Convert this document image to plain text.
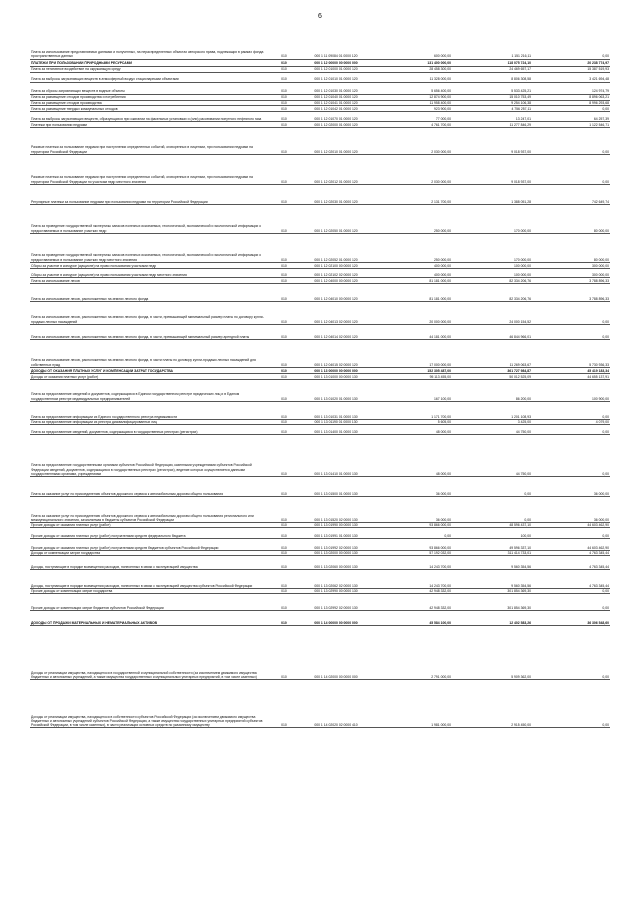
6
Плата за использование представляемых данными и полученных, на нераспределенных объектах авторского права, подлежащих в рамках фонда пространственных данных	010	000 1 11 09084 01 0000 120	600 000,00	1 151 216,11	0,00
ПЛАТЕЖИ ПРИ ПОЛЬЗОВАНИИ ПРИРОДНЫМИ РЕСУРСАМИ	010	000 1 12 00000 00 0000 000	131 400 000,00	118 075 724,10	20 238 774,97
Плата за негативное воздействие на окружающую среду	010	000 1 12 01000 01 0000 120	28 458 300,00	24 469 657,17	15 387 519,93
Плата за выбросы загрязняющих веществ в атмосферный воздух стационарными объектами	010	000 1 12 01010 01 0000 120	11 328 000,00	8 806 308,58	3 421 694,48
Плата за сбросы загрязняющих веществ в водные объекты	010	000 1 12 01030 01 0000 120	5 656 400,00	5 533 425,21	124 974,79
Плата за размещение отходов производства и потребления	010	000 1 12 01040 01 0000 120	12 874 900,00	15 010 753,49	8 896 063,21
Плата за размещение отходов производства	010	000 1 12 01041 01 0000 120	11 958 400,00	9 254 106,38	8 996 293,68
Плата за размещение твердых коммунальных отходов	010	000 1 12 01042 01 0000 120	923 900,00	4 756 257,11	0,00
Плата за выбросы загрязняющих веществ, образующихся при сжигании на факельных установках и (или) рассеивании попутного нефтяного газа	010	000 1 12 01070 01 0000 120	77 000,00	13 247,01	64 257,39
Платежи при пользовании недрами	010	000 1 12 02000 01 0000 120	4 761 700,00	11 277 846,29	1 122 546,71
Разовые платежи за пользование недрами при наступлении определенных событий, оговоренных в лицензии, при пользовании недрами на территории Российской Федерации	010	000 1 12 02010 01 0000 120	2 030 000,00	9 018 937,00	0,00
Разовые платежи за пользование недрами при наступлении определенных событий, оговоренных в лицензии, при пользовании недрами на территории Российской Федерации по участкам недр местного значения	010	000 1 12 02012 01 0000 120	2 030 000,00	9 018 937,00	0,00
Регулярные платежи за пользование недрами при пользовании недрами на территории Российской Федерации	010	000 1 12 02030 01 0000 120	2 131 700,00	1 388 051,28	742 649,74
Плата за проведение государственной экспертизы запасов полезных ископаемых, геологической, экономической и экологической информации о предоставляемых в пользование участках недр	010	000 1 12 02050 01 0000 120	250 000,00	170 000,00	80 000,00
Плата за проведение государственной экспертизы запасов полезных ископаемых, геологической, экономической и экологической информации о предоставляемых в пользование участках недр местного значения	010	000 1 12 02052 01 0000 120	250 000,00	170 000,00	80 000,00
Сборы за участие в конкурсе (аукционе) на право пользования участками недр	010	000 1 12 02100 00 0000 120	400 000,00	100 000,00	300 000,00
Сборы за участие в конкурсе (аукционе) на право пользования участками недр местного значения	010	000 1 12 02102 02 0000 120	400 000,00	100 000,00	300 000,00
Плата за использование лесов	010	000 1 12 04000 00 0000 120	81 181 000,00	82 334 206,76	3 788 896,33
Плата за использование лесов, расположенных на землях лесного фонда	010	000 1 12 04010 00 0000 120	81 181 000,00	82 334 206,76	3 788 896,33
Плата за использование лесов, расположенных на землях лесного фонда, в части, превышающей минимальный размер платы по договору купли-продажи лесных насаждений	010	000 1 12 04013 02 0000 120	20 000 000,00	24 000 154,52	0,00
Плата за использование лесов, расположенных на землях лесного фонда, в части, превышающей минимальный размер арендной платы	010	000 1 12 04014 02 0000 120	44 181 000,00	46 844 966,01	0,00
Плата за использование лесов, расположенных на землях лесного фонда, в части платы по договору купли-продажи лесных насаждений для собственных нужд	010	000 1 12 04015 02 0000 120	17 000 000,00	11 269 063,67	5 730 936,33
ДОХОДЫ ОТ ОКАЗАНИЯ ПЛАТНЫХ УСЛУГ И КОМПЕНСАЦИИ ЗАТРАТ ГОСУДАРСТВА	010	000 1 13 00000 00 0000 000	152 305 487,00	361 727 984,87	45 419 183,34
Доходы от оказания платных услуг (работ)	010	000 1 13 01000 00 0000 130	95 113 455,00	50 012 525,09	44 655 137,91
Плата за предоставление сведений и документов, содержащихся в Едином государственном реестре юридических лиц и в Едином государственном реестре индивидуальных предпринимателей	010	000 1 13 01020 01 0000 130	167 100,00	86 200,00	100 900,00
Плата за предоставление информации из Единого государственного реестра недвижимости	010	000 1 13 01031 01 0000 130	1 171 700,00	1 201 108,93	0,00
Плата за предоставление информации из реестра дисквалифицированных лиц	010	000 1 13 01190 01 0000 130	5 605,00	3 425,00	4 079,00
Плата за предоставление сведений, документов, содержащихся в государственных реестрах (регистрах)	010	000 1 13 01400 01 0000 130	48 000,00	44 750,00	0,00
Плата за предоставление государственными органами субъектов Российской Федерации, казенными учреждениями субъектов Российской Федерации сведений, документов, содержащихся в государственных реестрах (регистрах), ведение которых осуществляется данными государственными органами, учреждениями	010	000 1 13 01410 01 0000 130	48 000,00	44 750,00	0,00
Плата за оказание услуг по присоединению объектов дорожного сервиса к автомобильным дорогам общего пользования	010	000 1 13 01500 01 0000 130	36 000,00	0,00	36 000,00
Плата за оказание услуг по присоединению объектов дорожного сервиса к автомобильным дорогам общего пользования регионального или межмуниципального значения, зачисляемая в бюджеты субъектов Российской Федерации	010	000 1 13 01520 02 0000 130	36 000,00	0,00	36 000,00
Прочие доходы от оказания платных услуг (работ)	010	000 1 13 01990 00 0000 130	93 866 000,00	48 596 437,10	44 603 462,90
Прочие доходы от оказания платных услуг (работ) получателями средств федерального бюджета	010	000 1 13 01991 01 0000 130	0,00	100,00	0,00
Прочие доходы от оказания платных услуг (работ) получателями средств бюджетов субъектов Российской Федерации	010	000 1 13 01992 02 0000 130	93 866 000,00	49 596 337,10	44 603 462,90
Доходы от компенсации затрат государства	010	000 1 13 02000 00 0000 130	57 192 032,00	311 414 733,01	4 763 345,44
Доходы, поступающие в порядке возмещения расходов, понесенных в связи с эксплуатацией имущества	010	000 1 13 02060 00 0000 130	14 243 700,00	9 560 354,56	4 763 345,44
Доходы, поступающие в порядке возмещения расходов, понесенных в связи с эксплуатацией имущества субъектов Российской Федерации	010	000 1 13 02062 02 0000 130	14 243 700,00	9 560 354,56	4 763 345,44
Прочие доходы от компенсации затрат государства	010	000 1 13 02990 00 0000 130	42 948 332,00	301 854 369,30	0,00
Прочие доходы от компенсации затрат бюджетов субъектов Российской Федерации	010	000 1 13 02992 02 0000 130	42 948 332,00	301 854 369,30	0,00
ДОХОДЫ ОТ ПРОДАЖИ МАТЕРИАЛЬНЫХ И НЕМАТЕРИАЛЬНЫХ АКТИВОВ	010	000 1 14 00000 00 0000 000	45 584 100,00	12 402 583,26	36 306 548,60
Доходы от реализации имущества, находящегося в государственной и муниципальной собственности (за исключением движимого имущества бюджетных и автономных учреждений, а также имущества государственных и муниципальных унитарных предприятий, в том числе казенных)	010	000 1 14 02000 00 0000 000	2 791 000,00	5 909 362,00	0,00
Доходы от реализации имущества, находящегося в собственности субъектов Российской Федерации (за исключением движимого имущества бюджетных и автономных учреждений субъектов Российской Федерации, а также имущества государственных унитарных предприятий субъектов Российской Федерации, в том числе казенных), в части реализации основных средств по указанному имуществу	010	000 1 14 02020 02 0000 410	1 981 000,00	2 915 450,00	0,00
